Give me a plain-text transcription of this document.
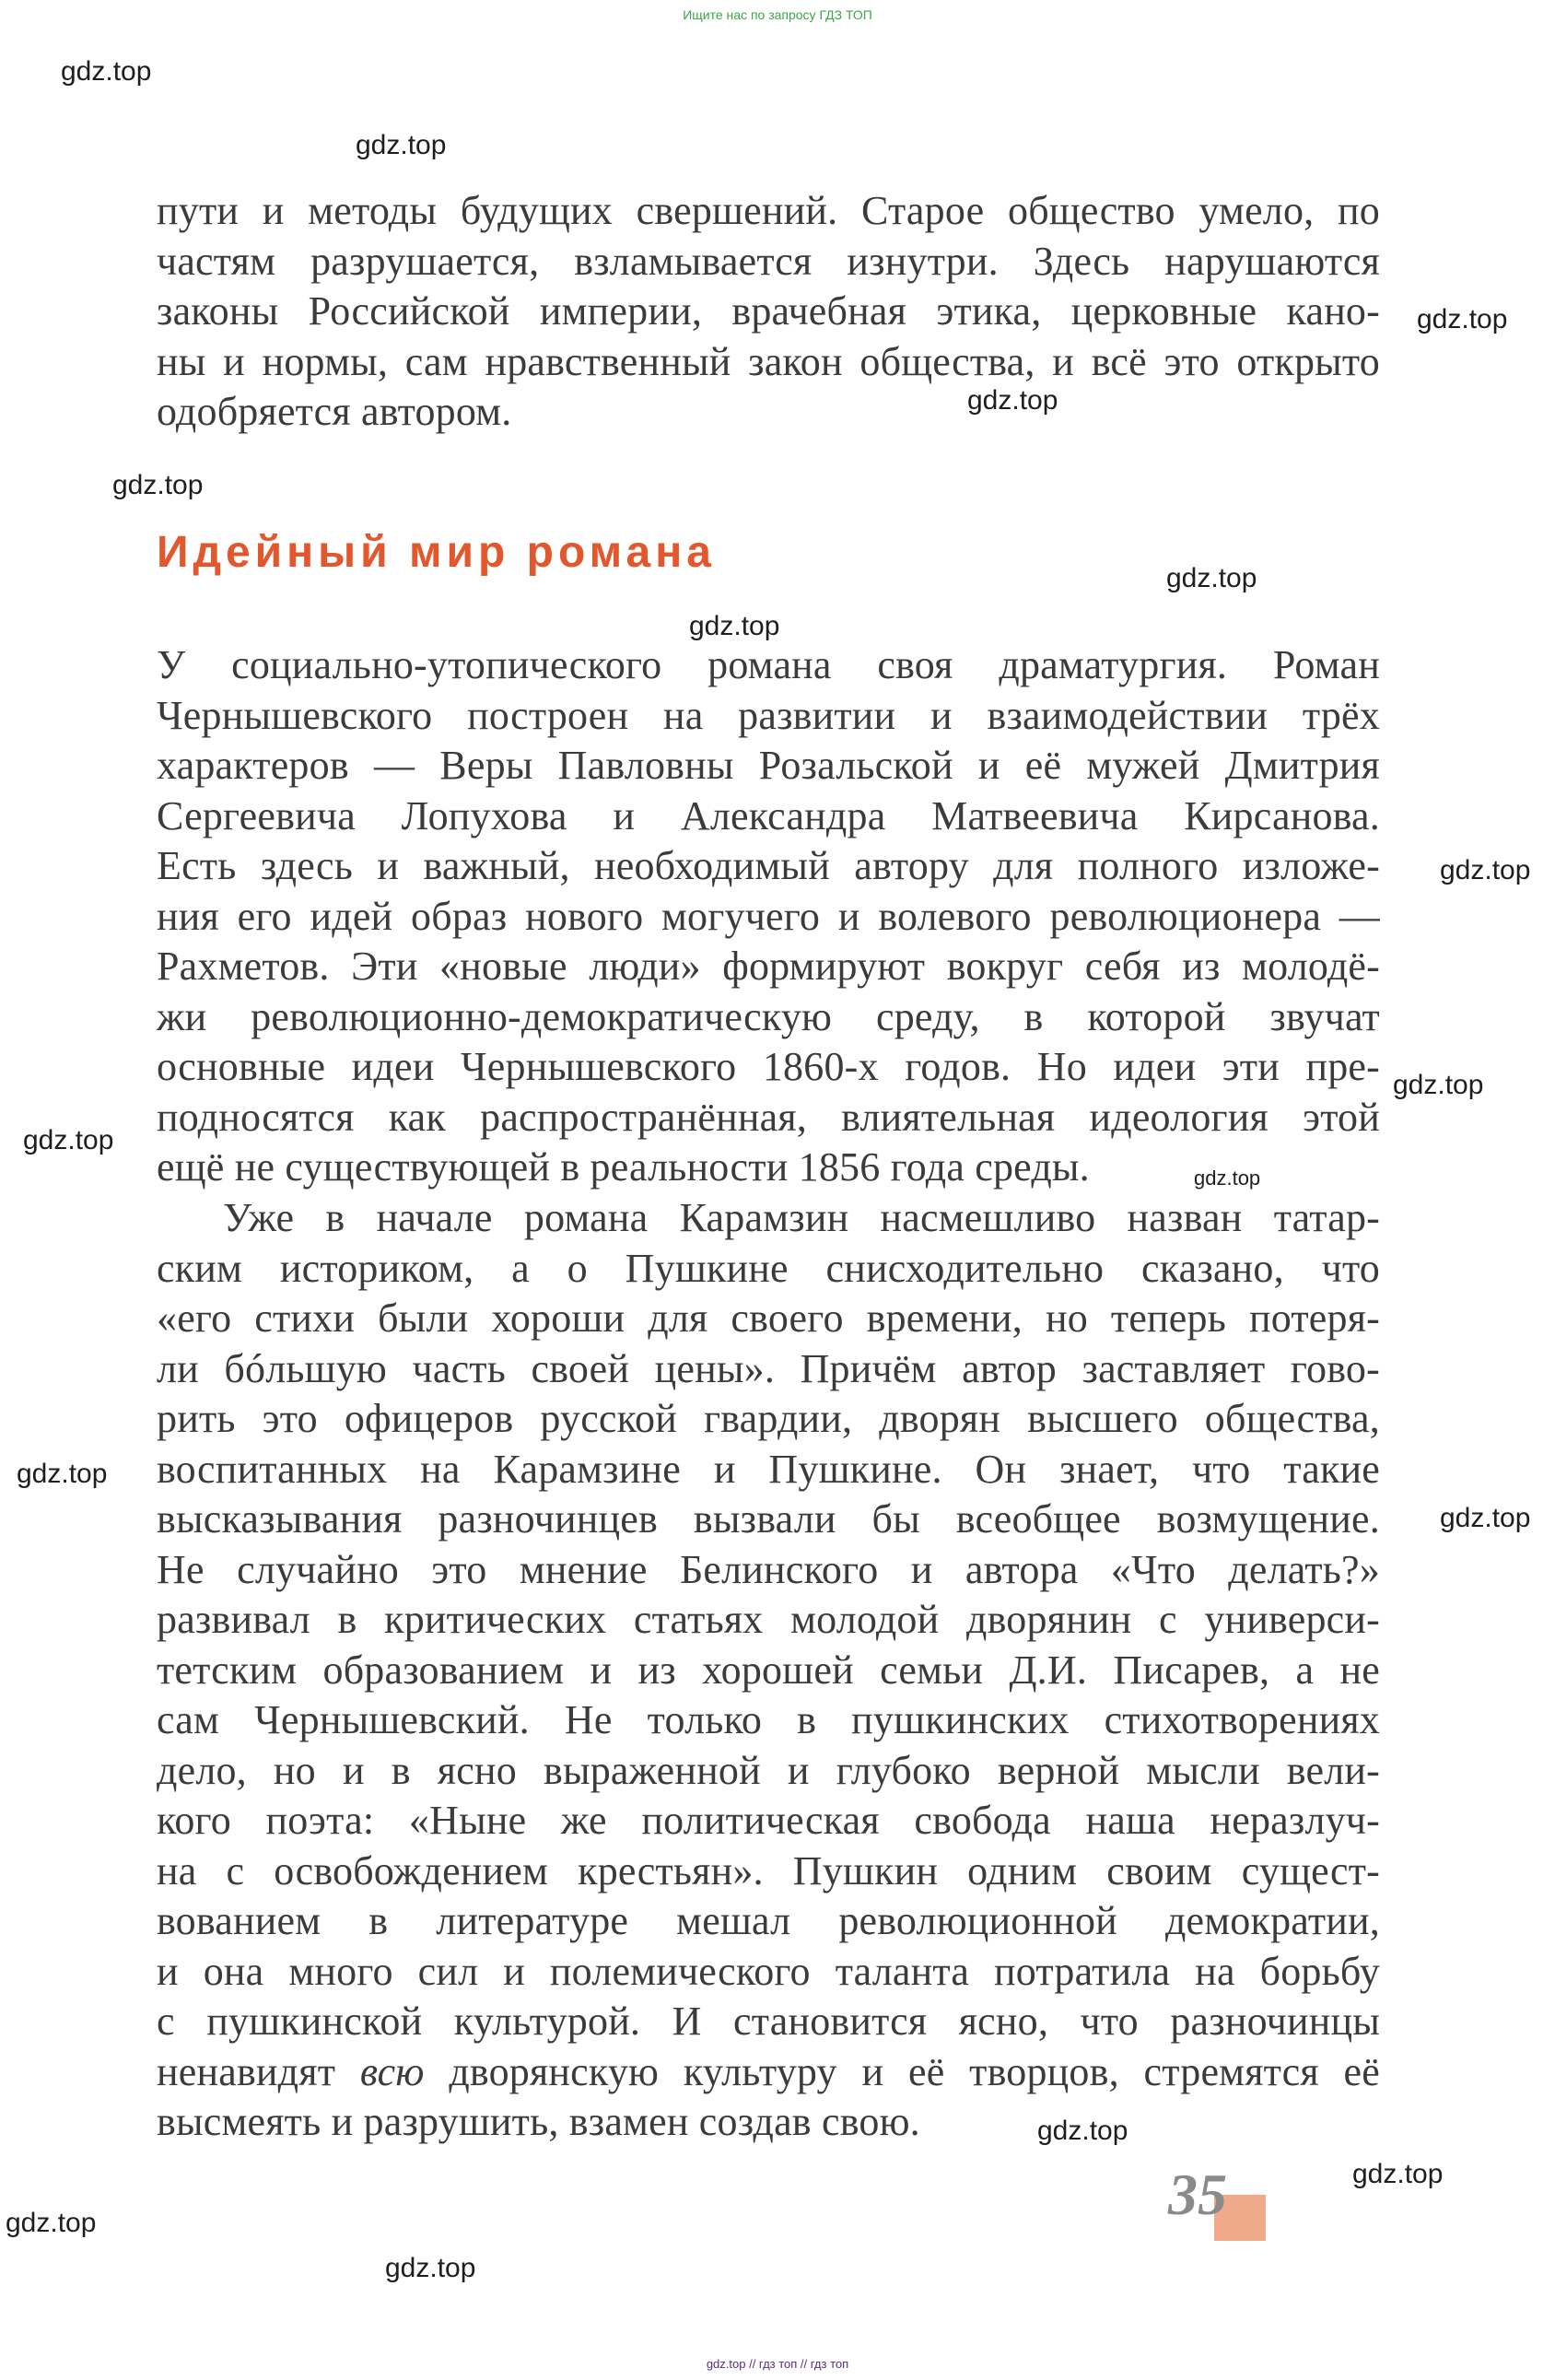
Ищите нас по запросу ГДЗ ТОП
пути и методы будущих свершений. Старое общество умело, по
частям разрушается, взламывается изнутри. Здесь нарушаются
законы Российской империи, врачебная этика, церковные кано-
ны и нормы, сам нравственный закон общества, и всё это открыто
одобряется автором.
Идейный мир романа
У социально-утопического романа своя драматургия. Роман
Чернышевского построен на развитии и взаимодействии трёх
характеров — Веры Павловны Розальской и её мужей Дмитрия
Сергеевича Лопухова и Александра Матвеевича Кирсанова.
Есть здесь и важный, необходимый автору для полного изложе-
ния его идей образ нового могучего и волевого революционера —
Рахметов. Эти «новые люди» формируют вокруг себя из молодё-
жи революционно-демократическую среду, в которой звучат
основные идеи Чернышевского 1860-х годов. Но идеи эти пре-
подносятся как распространённая, влиятельная идеология этой
ещё не существующей в реальности 1856 года среды.
Уже в начале романа Карамзин насмешливо назван татар-
ским историком, а о Пушкине снисходительно сказано, что
«его стихи были хороши для своего времени, но теперь потеря-
ли бóльшую часть своей цены». Причём автор заставляет гово-
рить это офицеров русской гвардии, дворян высшего общества,
воспитанных на Карамзине и Пушкине. Он знает, что такие
высказывания разночинцев вызвали бы всеобщее возмущение.
Не случайно это мнение Белинского и автора «Что делать?»
развивал в критических статьях молодой дворянин с универси-
тетским образованием и из хорошей семьи Д.И. Писарев, а не
сам Чернышевский. Не только в пушкинских стихотворениях
дело, но и в ясно выраженной и глубоко верной мысли вели-
кого поэта: «Ныне же политическая свобода наша неразлуч-
на с освобождением крестьян». Пушкин одним своим сущест-
вованием в литературе мешал революционной демократии,
и она много сил и полемического таланта потратила на борьбу
с пушкинской культурой. И становится ясно, что разночинцы
ненавидят всю дворянскую культуру и её творцов, стремятся её
высмеять и разрушить, взамен создав свою.
35
gdz.top
gdz.top
gdz.top
gdz.top
gdz.top
gdz.top
gdz.top
gdz.top
gdz.top
gdz.top
gdz.top
gdz.top
gdz.top
gdz.top
gdz.top
gdz.top
gdz.top
gdz.top // гдз топ // гдз топ
